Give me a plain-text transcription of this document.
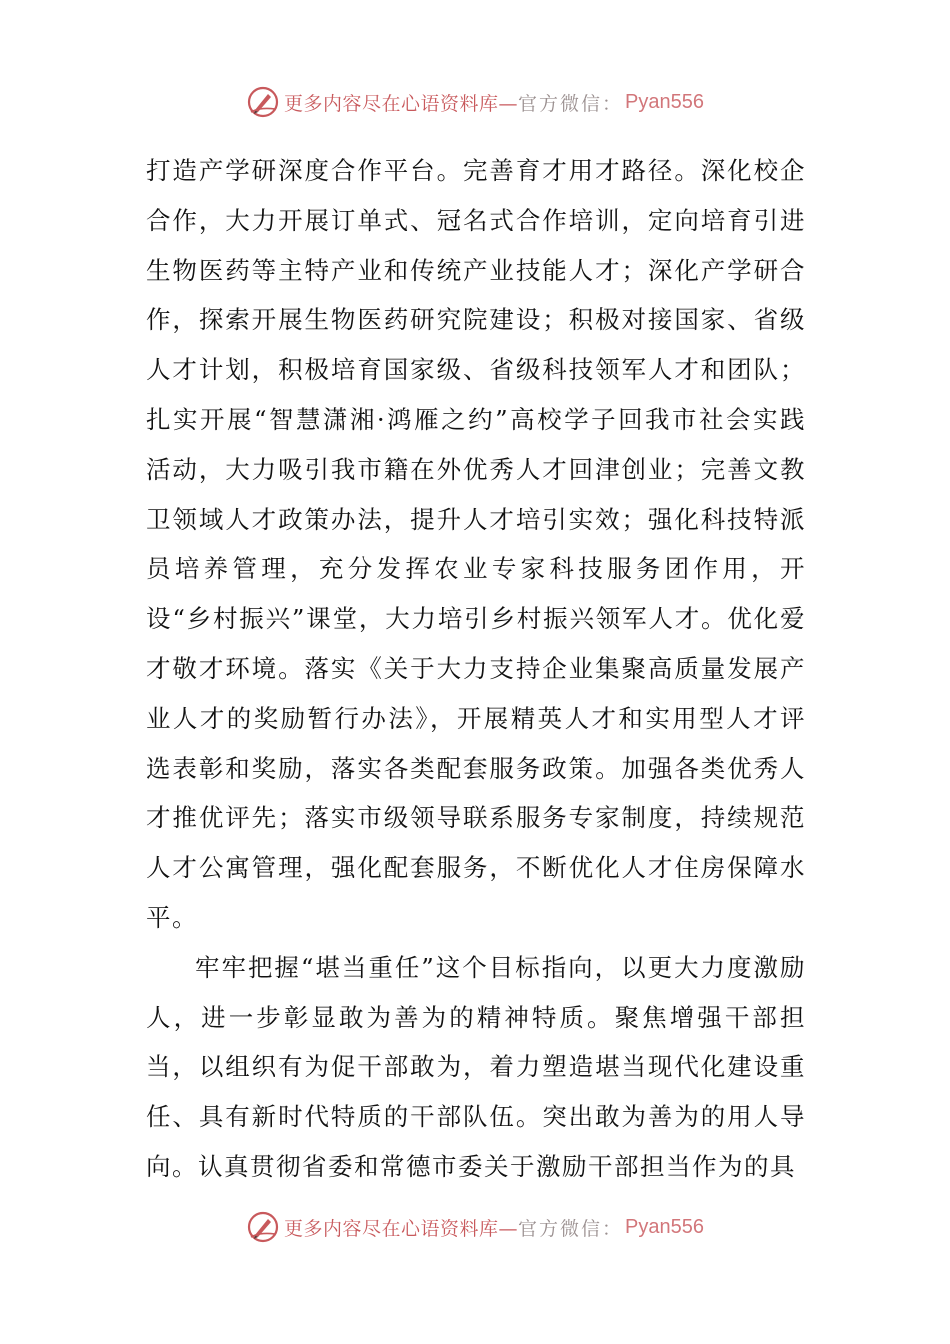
更多内容尽在心语资料库— 官方微信： Pyan556

打造产学研深度合作平台。完善育才用才路径。深化校企合作，大力开展订单式、冠名式合作培训，定向培育引进生物医药等主特产业和传统产业技能人才；深化产学研合作，探索开展生物医药研究院建设；积极对接国家、省级人才计划，积极培育国家级、省级科技领军人才和团队；扎实开展“智慧潇湘·鸿雁之约”高校学子回我市社会实践活动，大力吸引我市籍在外优秀人才回津创业；完善文教卫领域人才政策办法，提升人才培引实效；强化科技特派员培养管理，充分发挥农业专家科技服务团作用，开设“乡村振兴”课堂，大力培引乡村振兴领军人才。优化爱才敬才环境。落实《关于大力支持企业集聚高质量发展产业人才的奖励暂行办法》，开展精英人才和实用型人才评选表彰和奖励，落实各类配套服务政策。加强各类优秀人才推优评先；落实市级领导联系服务专家制度，持续规范人才公寓管理，强化配套服务，不断优化人才住房保障水平。

牢牢把握“堪当重任”这个目标指向，以更大力度激励人，进一步彰显敢为善为的精神特质。聚焦增强干部担当，以组织有为促干部敢为，着力塑造堪当现代化建设重任、具有新时代特质的干部队伍。突出敢为善为的用人导向。认真贯彻省委和常德市委关于激励干部担当作为的具

更多内容尽在心语资料库— 官方微信： Pyan556
